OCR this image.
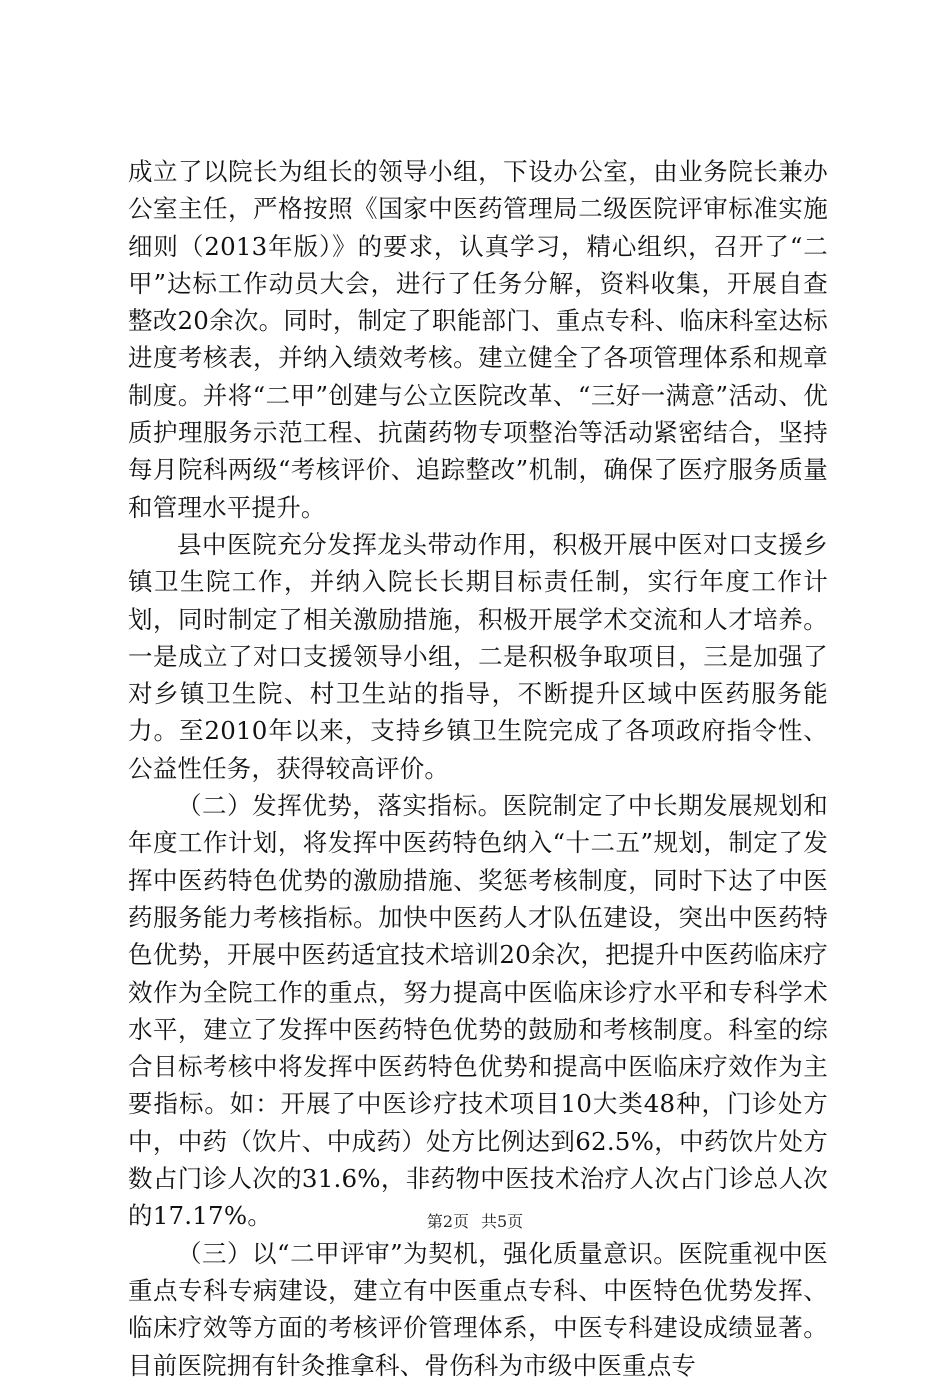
成立了以院长为组长的领导小组，下设办公室，由业务院长兼办公室主任，严格按照《国家中医药管理局二级医院评审标准实施细则（2013年版）》的要求，认真学习，精心组织，召开了“二甲”达标工作动员大会，进行了任务分解，资料收集，开展自查整改20余次。同时，制定了职能部门、重点专科、临床科室达标进度考核表，并纳入绩效考核。建立健全了各项管理体系和规章制度。并将“二甲”创建与公立医院改革、“三好一满意”活动、优质护理服务示范工程、抗菌药物专项整治等活动紧密结合，坚持每月院科两级“考核评价、追踪整改”机制，确保了医疗服务质量和管理水平提升。

县中医院充分发挥龙头带动作用，积极开展中医对口支援乡镇卫生院工作，并纳入院长长期目标责任制，实行年度工作计划，同时制定了相关激励措施，积极开展学术交流和人才培养。一是成立了对口支援领导小组，二是积极争取项目，三是加强了对乡镇卫生院、村卫生站的指导，不断提升区域中医药服务能力。至2010年以来，支持乡镇卫生院完成了各项政府指令性、公益性任务，获得较高评价。

（二）发挥优势，落实指标。医院制定了中长期发展规划和年度工作计划，将发挥中医药特色纳入“十二五”规划，制定了发挥中医药特色优势的激励措施、奖惩考核制度，同时下达了中医药服务能力考核指标。加快中医药人才队伍建设，突出中医药特色优势，开展中医药适宜技术培训20余次，把提升中医药临床疗效作为全院工作的重点，努力提高中医临床诊疗水平和专科学术水平，建立了发挥中医药特色优势的鼓励和考核制度。科室的综合目标考核中将发挥中医药特色优势和提高中医临床疗效作为主要指标。如：开展了中医诊疗技术项目10大类48种，门诊处方中，中药（饮片、中成药）处方比例达到62.5%，中药饮片处方数占门诊人次的31.6%，非药物中医技术治疗人次占门诊总人次的17.17%。

（三）以“二甲评审”为契机，强化质量意识。医院重视中医重点专科专病建设，建立有中医重点专科、中医特色优势发挥、临床疗效等方面的考核评价管理体系，中医专科建设成绩显著。目前医院拥有针灸推拿科、骨伤科为市级中医重点专

第2页 共5页
